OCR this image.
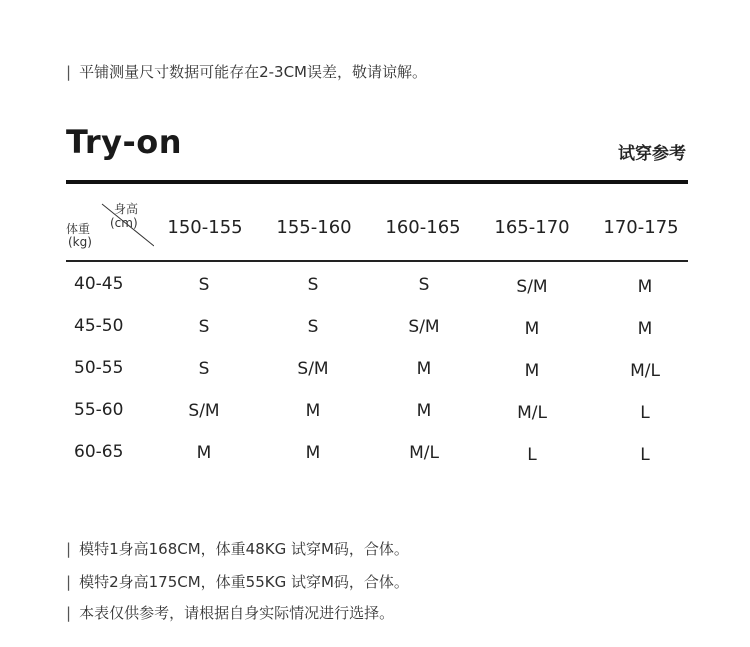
| 平铺测量尺寸数据可能存在2-3CM误差，敬请谅解。
Try-on	试穿参考
身高
(cm)
体重
(kg)
150-155	155-160	160-165	165-170	170-175
40-45	S	S	S	S/M	M
45-50	S	S	S/M	M	M
50-55	S	S/M	M	M	M/L
55-60	S/M	M	M	M/L	L
60-65	M	M	M/L	L	L
| 模特1身高168CM，体重48KG 试穿M码，合体。
| 模特2身高175CM，体重55KG 试穿M码，合体。
| 本表仅供参考，请根据自身实际情况进行选择。
